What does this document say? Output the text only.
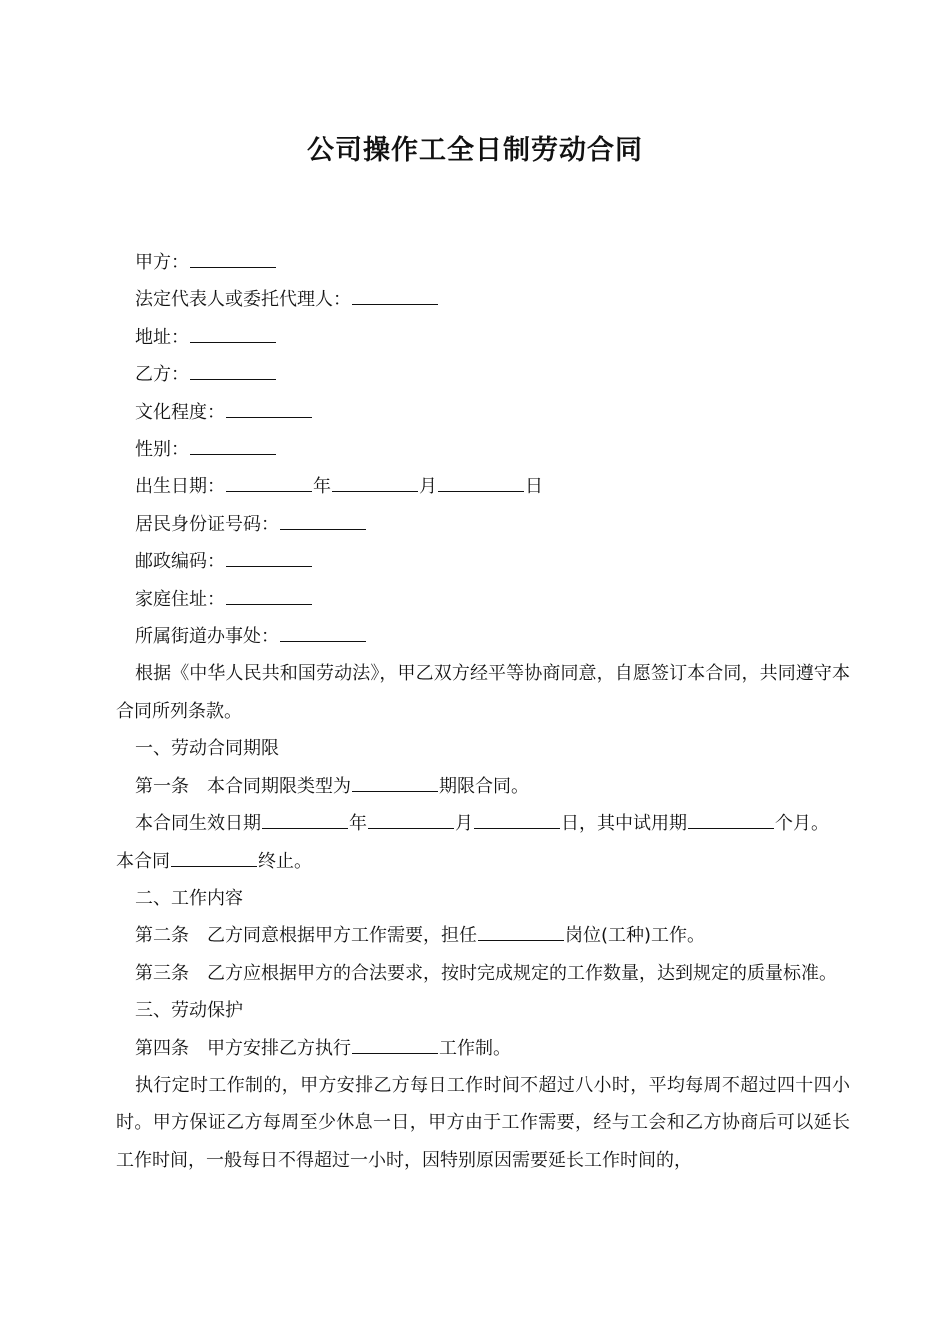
公司操作工全日制劳动合同

甲方：

法定代表人或委托代理人：

地址：

乙方：

文化程度：

性别：

出生日期：	年	月	日

居民身份证号码：

邮政编码：

家庭住址：

所属街道办事处：

根据《中华人民共和国劳动法》，甲乙双方经平等协商同意，自愿签订本合同，共同遵守本合同所列条款。

一、劳动合同期限

第一条 本合同期限类型为	期限合同。

本合同生效日期	年	月	日，其中试用期	个月。

本合同	终止。

二、工作内容

第二条 乙方同意根据甲方工作需要，担任	岗位(工种)工作。

第三条 乙方应根据甲方的合法要求，按时完成规定的工作数量，达到规定的质量标准。

三、劳动保护

第四条 甲方安排乙方执行	工作制。

执行定时工作制的，甲方安排乙方每日工作时间不超过八小时，平均每周不超过四十四小时。甲方保证乙方每周至少休息一日，甲方由于工作需要，经与工会和乙方协商后可以延长工作时间，一般每日不得超过一小时，因特别原因需要延长工作时间的，
